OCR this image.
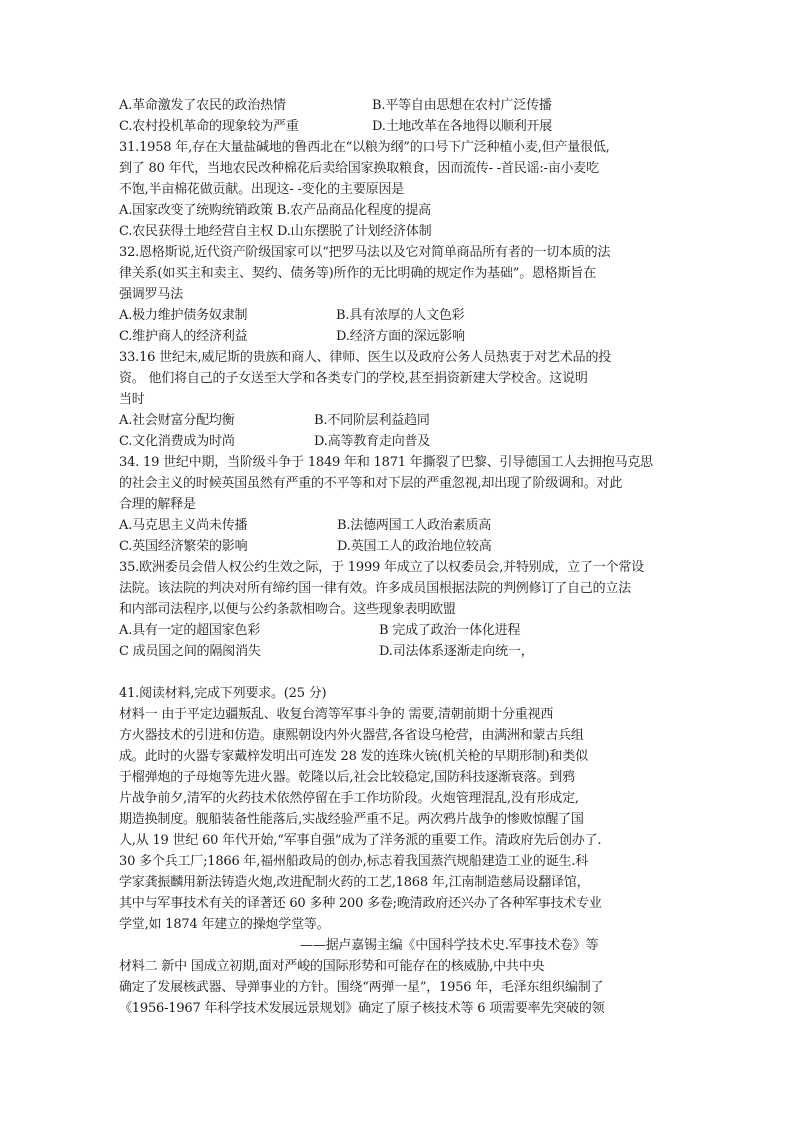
A.革命激发了农民的政治热情	B.平等自由思想在农村广泛传播
C.农村投机革命的现象较为严重	D.土地改革在各地得以顺利开展
31.1958 年,存在大量盐碱地的鲁西北在“以粮为纲”的口号下广泛种植小麦,但产量很低,
到了 80 年代，当地农民改种棉花后卖给国家换取粮食，因而流传- -首民谣:-亩小麦吃
不饱,半亩棉花做贡献。出现这- -变化的主要原因是
A.国家改变了统购统销政策 B.农产品商品化程度的提高
C.农民获得土地经营自主权 D.山东摆脱了计划经济体制
32.恩格斯说,近代资产阶级国家可以“把罗马法以及它对简单商品所有者的一切本质的法
律关系(如买主和卖主、契约、债务等)所作的无比明确的规定作为基础”。恩格斯旨在
强调罗马法
A.极力维护债务奴隶制	B.具有浓厚的人文色彩
C.维护商人的经济利益	D.经济方面的深远影响
33.16 世纪末,威尼斯的贵族和商人、律师、医生以及政府公务人员热衷于对艺术品的投
资。 他们将自己的子女送至大学和各类专门的学校,甚至捐资新建大学校舍。这说明
当时
A.社会财富分配均衡	B.不同阶层利益趋同
C.文化消费成为时尚	D.高等教育走向普及
34. 19 世纪中期，当阶级斗争于 1849 年和 1871 年撕裂了巴黎、引导德国工人去拥抱马克思
的社会主义的时候英国虽然有严重的不平等和对下层的严重忽视,却出现了阶级调和。对此
合理的解释是
A.马克思主义尚未传播	B.法德两国工人政治素质高
C.英国经济繁荣的影响	D.英国工人的政治地位较高
35.欧洲委员会借人权公约生效之际，于 1999 年成立了以权委员会,并特别成，立了一个常设
法院。该法院的判决对所有缔约国一律有效。许多成员国根据法院的判例修订了自己的立法
和内部司法程序,以便与公约条款相吻合。这些现象表明欧盟
A.具有一定的超国家色彩	B 完成了政治一体化进程
C 成员国之间的隔阂消失	D.司法体系逐渐走向统一，
41.阅读材料,完成下列要求。(25 分)
材料一 由于平定边疆叛乱、收复台湾等军事斗争的 需要,清朝前期十分重视西
方火器技术的引进和仿造。康熙朝设内外火器营,各省设乌枪营，由满洲和蒙古兵组
成。此时的火器专家戴梓发明出可连发 28 发的连珠火铳(机关枪的早期形制)和类似
于榴弹炮的子母炮等先进火器。乾隆以后,社会比较稳定,国防科技逐渐衰落。到鸦
片战争前夕,清军的火药技术依然停留在手工作坊阶段。火炮管理混乱,没有形成定,
期造换制度。舰船装备性能落后,实战经验严重不足。两次鸦片战争的惨败惊醒了国
人,从 19 世纪 60 年代开始,“军事自强”成为了洋务派的重要工作。清政府先后创办了.
30 多个兵工厂;1866 年,福州船政局的创办,标志着我国蒸汽规船建造工业的诞生.科
学家龚振麟用新法铸造火炮,改进配制火药的工艺,1868 年,江南制造慈局设翻译馆，
其中与军事技术有关的译著还 60 多种 200 多卷;晚清政府还兴办了各种军事技术专业
学堂,如 1874 年建立的操炮学堂等。
——据卢嘉锡主编《中国科学技术史.军事技术卷》等
材料二 新中 国成立初期,面对严峻的国际形势和可能存在的核威胁,中共中央
确定了发展核武器、导弹事业的方针。围绕“两弹一星”，1956 年，毛泽东组织编制了
《1956-1967 年科学技术发展远景规划》确定了原子核技术等 6 项需要率先突破的领
